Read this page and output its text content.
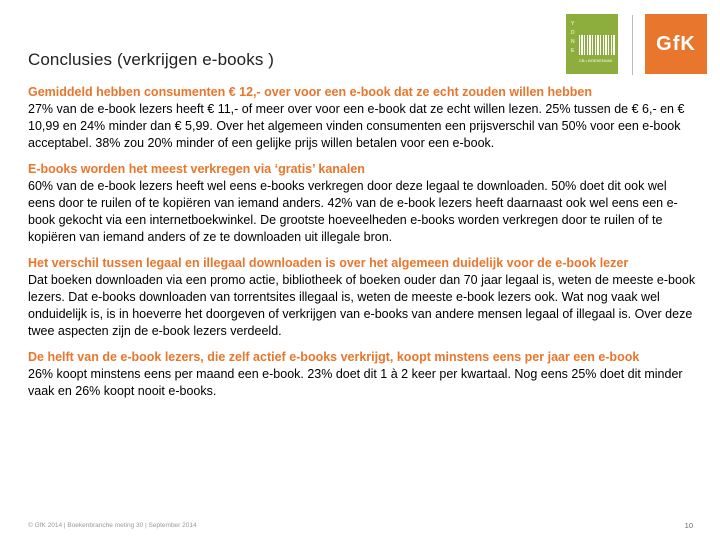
Conclusies (verkrijgen e-books )
Y D N E
CB • BOEKENVAK
GfK
Gemiddeld hebben consumenten € 12,- over voor een e-book dat ze echt zouden willen hebben
27% van de e-book lezers heeft € 11,- of meer over voor een e-book dat ze echt willen lezen. 25% tussen de € 6,- en € 10,99 en 24% minder dan € 5,99. Over het algemeen vinden consumenten een prijsverschil van 50% voor een e-book acceptabel. 38% zou 20% minder of een gelijke prijs willen betalen voor een e-book.
E-books worden het meest verkregen via ‘gratis’ kanalen
60% van de e-book lezers heeft wel eens e-books verkregen door deze legaal te downloaden. 50% doet dit ook wel eens door te ruilen of te kopiëren van iemand anders. 42% van de e-book lezers heeft daarnaast ook wel eens een e-book gekocht via een internetboekwinkel. De grootste hoeveelheden e-books worden verkregen door te ruilen of te kopiëren van iemand anders of ze te downloaden uit illegale bron.
Het verschil tussen legaal en illegaal downloaden is over het algemeen duidelijk voor de e-book lezer
Dat boeken downloaden via een promo actie, bibliotheek of boeken ouder dan 70 jaar legaal is, weten de meeste e-book lezers. Dat e-books downloaden van torrentsites illegaal is, weten de meeste e-book lezers ook. Wat nog vaak wel onduidelijk is, is in hoeverre het doorgeven of verkrijgen van e-books van andere mensen legaal of illegaal is. Over deze twee aspecten zijn de e-book lezers verdeeld.
De helft van de e-book lezers, die zelf actief e-books verkrijgt, koopt minstens eens per jaar een e-book
26% koopt minstens eens per maand een e-book. 23% doet dit 1 à 2 keer per kwartaal. Nog eens 25% doet dit minder vaak en 26% koopt nooit e-books.
© GfK 2014 | Boekenbranche meting 30 | September 2014	10
